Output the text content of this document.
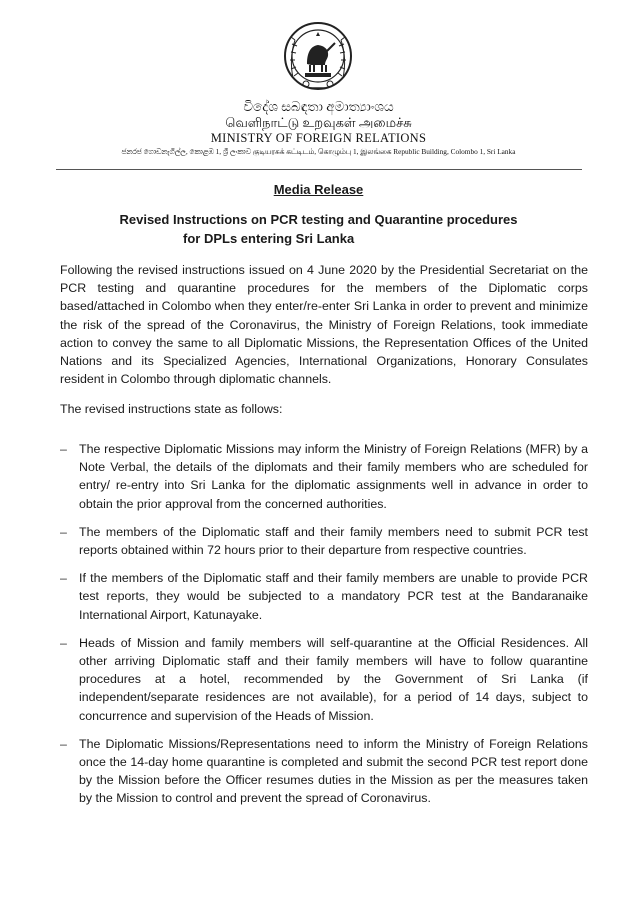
විදේශ සබඳතා අමාත්‍යාංශය
வெளிநாட்டு உறவுகள் அமைச்சு
MINISTRY OF FOREIGN RELATIONS
ජනරජ ගොඩනැගිල්ල, කොළඹ 1, ශ්‍රී ලංකාව குடியரசுக் கட்டிடம், கொழும்பு 1, இலங்கை Republic Building, Colombo 1, Sri Lanka
Media Release
Revised Instructions on PCR testing and Quarantine procedures
for DPLs entering Sri Lanka
Following the revised instructions issued on 4 June 2020 by the Presidential Secretariat on the PCR testing and quarantine procedures for the members of the Diplomatic corps based/attached in Colombo when they enter/re-enter Sri Lanka in order to prevent and minimize the risk of the spread of the Coronavirus, the Ministry of Foreign Relations, took immediate action to convey the same to all Diplomatic Missions, the Representation Offices of the United Nations and its Specialized Agencies, International Organizations, Honorary Consulates resident in Colombo through diplomatic channels.
The revised instructions state as follows:
– The respective Diplomatic Missions may inform the Ministry of Foreign Relations (MFR) by a Note Verbal, the details of the diplomats and their family members who are scheduled for entry/ re-entry into Sri Lanka for the diplomatic assignments well in advance in order to obtain the prior approval from the concerned authorities.
– The members of the Diplomatic staff and their family members need to submit PCR test reports obtained within 72 hours prior to their departure from respective countries.
– If the members of the Diplomatic staff and their family members are unable to provide PCR test reports, they would be subjected to a mandatory PCR test at the Bandaranaike International Airport, Katunayake.
– Heads of Mission and family members will self-quarantine at the Official Residences. All other arriving Diplomatic staff and their family members will have to follow quarantine procedures at a hotel, recommended by the Government of Sri Lanka (if independent/separate residences are not available), for a period of 14 days, subject to concurrence and supervision of the Heads of Mission.
– The Diplomatic Missions/Representations need to inform the Ministry of Foreign Relations once the 14-day home quarantine is completed and submit the second PCR test report done by the Mission before the Officer resumes duties in the Mission as per the measures taken by the Mission to control and prevent the spread of Coronavirus.
